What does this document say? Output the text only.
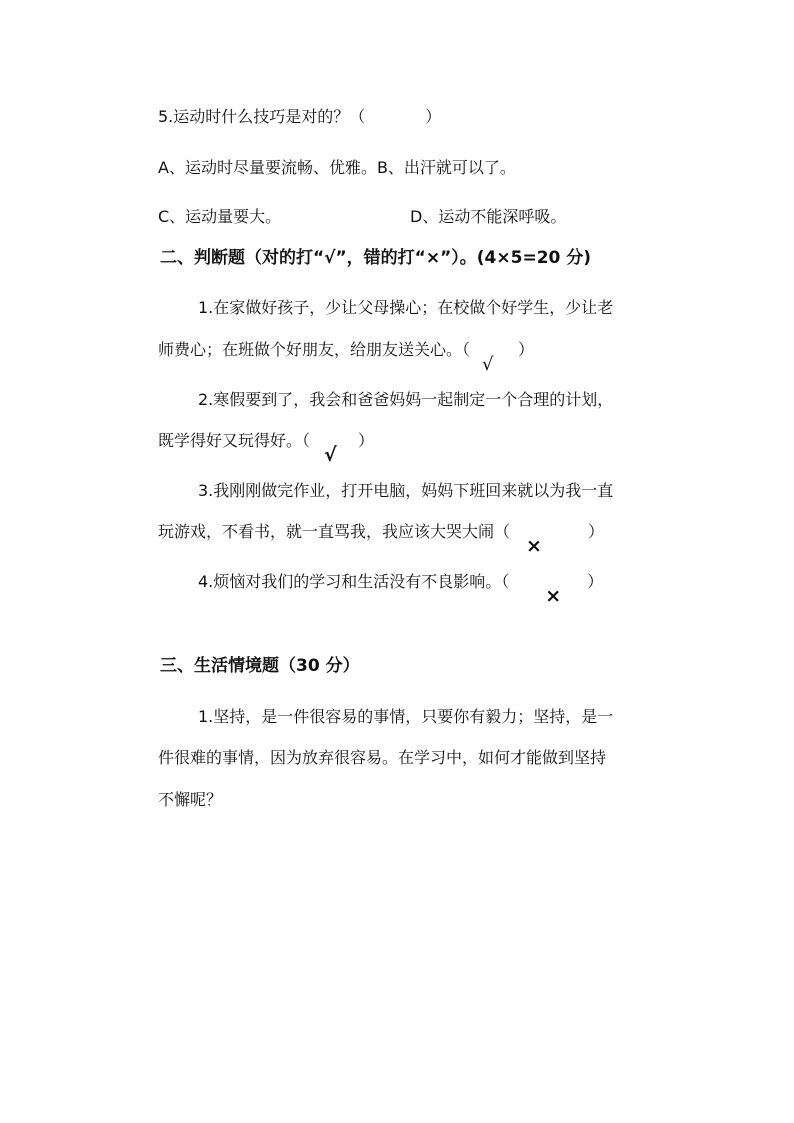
5.运动时什么技巧是对的？（	）
A、运动时尽量要流畅、优雅。B、出汗就可以了。
C、运动量要大。	D、运动不能深呼吸。
二、判断题（对的打“√”，错的打“×”）。(4×5=20 分)
1.在家做好孩子，少让父母操心；在校做个好学生，少让老
师费心；在班做个好朋友，给朋友送关心。（
√
）
2.寒假要到了，我会和爸爸妈妈一起制定一个合理的计划，
既学得好又玩得好。（
√
）
3.我刚刚做完作业，打开电脑，妈妈下班回来就以为我一直
玩游戏，不看书，就一直骂我，我应该大哭大闹（
×
）
4.烦恼对我们的学习和生活没有不良影响。（
×
）
三、生活情境题（30 分）
1.坚持，是一件很容易的事情，只要你有毅力；坚持，是一
件很难的事情，因为放弃很容易。在学习中，如何才能做到坚持
不懈呢？
